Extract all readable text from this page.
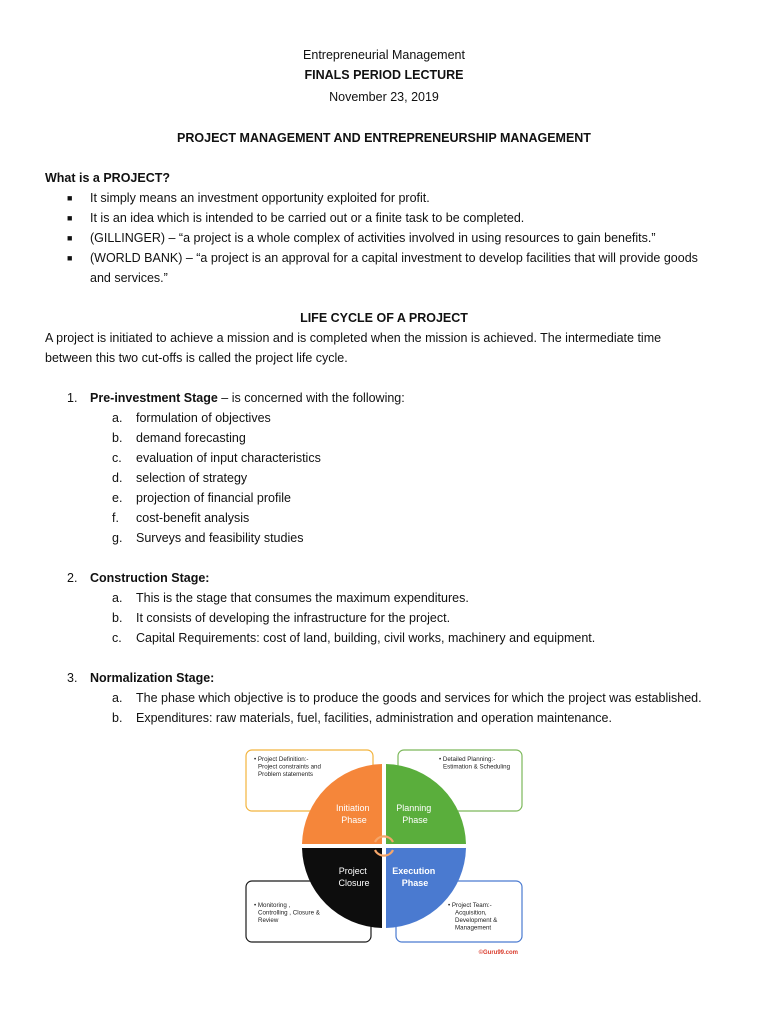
Entrepreneurial Management
FINALS PERIOD LECTURE
November 23, 2019
PROJECT MANAGEMENT AND ENTREPRENEURSHIP MANAGEMENT
What is a PROJECT?
■ It simply means an investment opportunity exploited for profit.
■ It is an idea which is intended to be carried out or a finite task to be completed.
■ (GILLINGER) – “a project is a whole complex of activities involved in using resources to gain benefits.”
■ (WORLD BANK) – “a project is an approval for a capital investment to develop facilities that will provide goods
and services.”
LIFE CYCLE OF A PROJECT
A project is initiated to achieve a mission and is completed when the mission is achieved. The intermediate time
between this two cut-offs is called the project life cycle.
1. Pre-investment Stage – is concerned with the following:
a. formulation of objectives
b. demand forecasting
c. evaluation of input characteristics
d. selection of strategy
e. projection of financial profile
f. cost-benefit analysis
g. Surveys and feasibility studies
2. Construction Stage:
a. This is the stage that consumes the maximum expenditures.
b. It consists of developing the infrastructure for the project.
c. Capital Requirements: cost of land, building, civil works, machinery and equipment.
3. Normalization Stage:
a. The phase which objective is to produce the goods and services for which the project was established.
b. Expenditures: raw materials, fuel, facilities, administration and operation maintenance.
• Project Definition:- Project constraints and Problem statements
• Detailed Planning:- Estimation & Scheduling
• Monitoring , Controlling , Closure & Review
• Project Team:- Acquisition, Development & Management
Initiation Phase
Planning Phase
Project Closure
Execution Phase
©Guru99.com
